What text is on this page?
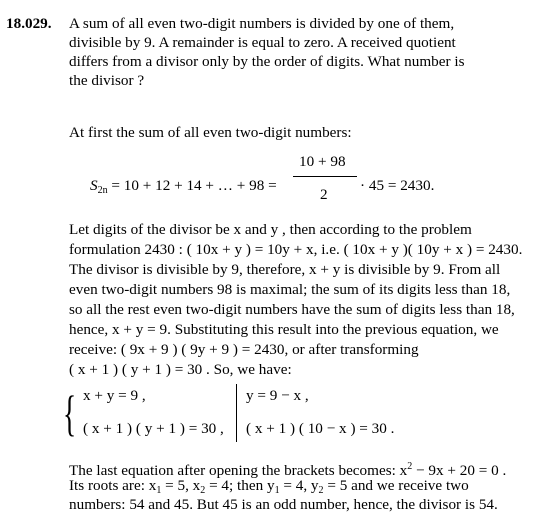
18.029. A sum of all even two-digit numbers is divided by one of them,
divisible by 9. A remainder is equal to zero. A received quotient
differs from a divisor only by the order of digits. What number is
the divisor ?
At first the sum of all even two-digit numbers:
S2n = 10 + 12 + 14 + … + 98 =
10 + 98
2
· 45 = 2430.
Let digits of the divisor be x and y , then according to the problem
formulation 2430 : ( 10x + y ) = 10y + x, i.e. ( 10x + y )( 10y + x ) = 2430.
The divisor is divisible by 9, therefore, x + y is divisible by 9. From all
even two-digit numbers 98 is maximal; the sum of its digits less than 18,
so all the rest even two-digit numbers have the sum of digits less than 18,
hence, x + y = 9. Substituting this result into the previous equation, we
receive: ( 9x + 9 ) ( 9y + 9 ) = 2430, or after transforming
( x + 1 ) ( y + 1 ) = 30 . So, we have:
{ x + y = 9 ,
( x + 1 ) ( y + 1 ) = 30 ,
y = 9 − x ,
( x + 1 ) ( 10 − x ) = 30 .
The last equation after opening the brackets becomes: $x^2 - 9x + 20 = 0$ .
Its roots are: x1 = 5, x2 = 4; then y1 = 4, y2 = 5 and we receive two
numbers: 54 and 45. But 45 is an odd number, hence, the divisor is 54.
